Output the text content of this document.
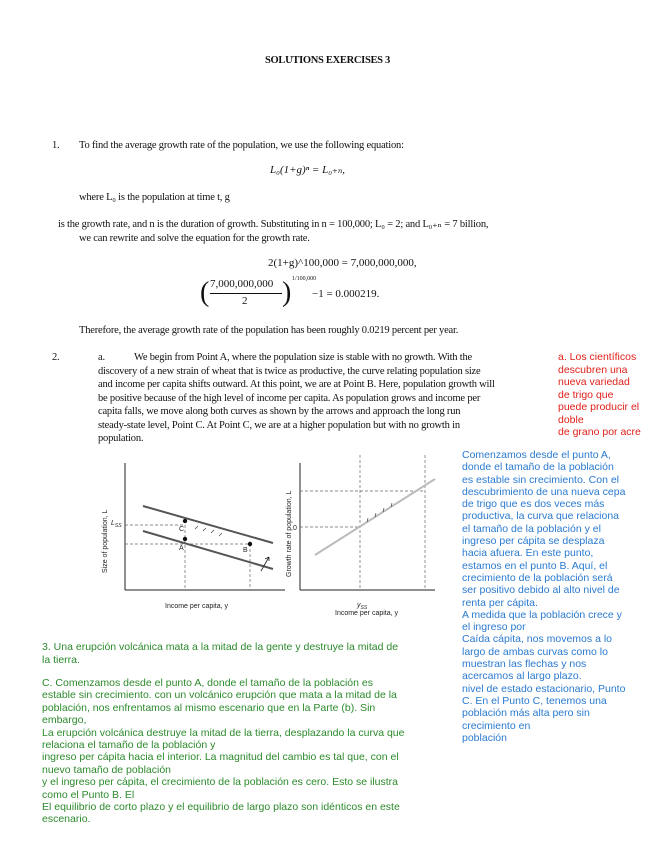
SOLUTIONS EXERCISES 3
1. To find the average growth rate of the population, we use the following equation:
L₀(1+g)ⁿ = L₀₊ₙ,
where L₀ is the population at time t, g
is the growth rate, and n is the duration of growth. Substituting in n = 100,000; L₀ = 2; and L₀₊ₙ = 7 billion,
we can rewrite and solve the equation for the growth rate.
2(1+g)^100,000 = 7,000,000,000,
( 7,000,000,000
2 ) 1/100,000
−1 = 0.000219.
Therefore, the average growth rate of the population has been roughly 0.0219 percent per year.
2.	a.	We begin from Point A, where the population size is stable with no growth. With the
discovery of a new strain of wheat that is twice as productive, the curve relating population size
and income per capita shifts outward. At this point, we are at Point B. Here, population growth will
be positive because of the high level of income per capita. As population grows and income per
capita falls, we move along both curves as shown by the arrows and approach the long run
steady-state level, Point C. At Point C, we are at a higher population but with no growth in
population.
a. Los científicos
descubren una
nueva variedad
de trigo que
puede producir el
doble
de grano por acre
Comenzamos desde el punto A,
donde el tamaño de la población
es estable sin crecimiento. Con el
descubrimiento de una nueva cepa
de trigo que es dos veces más
productiva, la curva que relaciona
el tamaño de la población y el
ingreso per cápita se desplaza
hacia afuera. En este punto,
estamos en el punto B. Aquí, el
crecimiento de la población será
ser positivo debido al alto nivel de
renta per cápita.
A medida que la población crece y
el ingreso por
Caída cápita, nos movemos a lo
largo de ambas curvas como lo
muestran las flechas y nos
acercamos al largo plazo.
nivel de estado estacionario, Punto
C. En el Punto C, tenemos una
población más alta pero sin
crecimiento en
población
Size of population, L
Income per capita, y
$L_{SS}$	C
A	B	Growth rate of population, L
Income per capita, y
0
$y_{SS}$
3. Una erupción volcánica mata a la mitad de la gente y destruye la mitad de
la tierra.
C. Comenzamos desde el punto A, donde el tamaño de la población es
estable sin crecimiento. con un volcánico erupción que mata a la mitad de la
población, nos enfrentamos al mismo escenario que en la Parte (b). Sin
embargo,
La erupción volcánica destruye la mitad de la tierra, desplazando la curva que
relaciona el tamaño de la población y
ingreso per cápita hacia el interior. La magnitud del cambio es tal que, con el
nuevo tamaño de población
y el ingreso per cápita, el crecimiento de la población es cero. Esto se ilustra
como el Punto B. El
El equilibrio de corto plazo y el equilibrio de largo plazo son idénticos en este
escenario.
